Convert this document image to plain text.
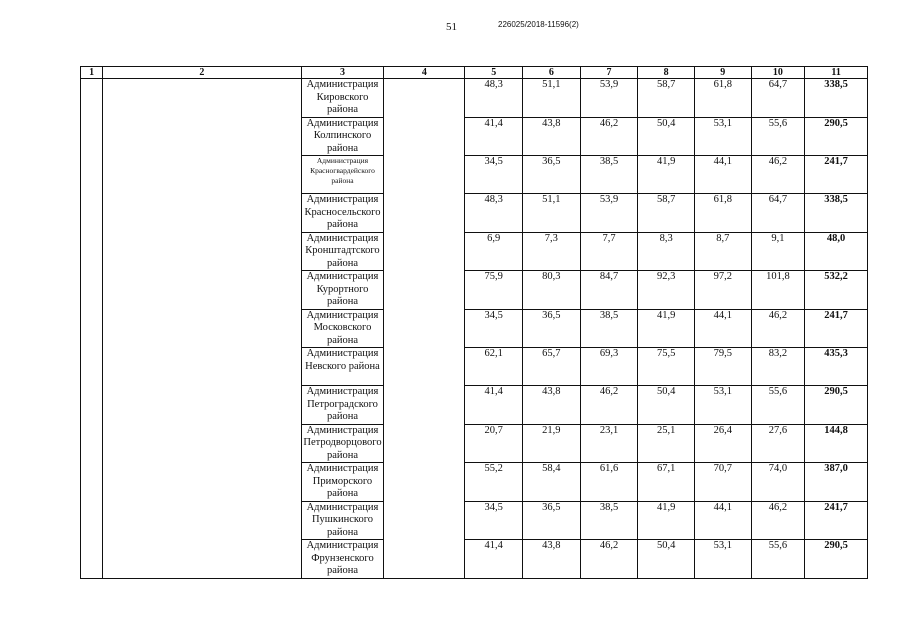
51	226025/2018-11596(2)
1	2	3	4	5	6	7	8	9	10	11
		Администрация Кировского района		48,3	51,1	53,9	58,7	61,8	64,7	338,5
		Администрация Колпинского района		41,4	43,8	46,2	50,4	53,1	55,6	290,5
		Администрация Красногвардейского района		34,5	36,5	38,5	41,9	44,1	46,2	241,7
		Администрация Красносельского района		48,3	51,1	53,9	58,7	61,8	64,7	338,5
		Администрация Кронштадтского района		6,9	7,3	7,7	8,3	8,7	9,1	48,0
		Администрация Курортного района		75,9	80,3	84,7	92,3	97,2	101,8	532,2
		Администрация Московского района		34,5	36,5	38,5	41,9	44,1	46,2	241,7
		Администрация Невского района		62,1	65,7	69,3	75,5	79,5	83,2	435,3
		Администрация Петроградского района		41,4	43,8	46,2	50,4	53,1	55,6	290,5
		Администрация Петродворцового района		20,7	21,9	23,1	25,1	26,4	27,6	144,8
		Администрация Приморского района		55,2	58,4	61,6	67,1	70,7	74,0	387,0
		Администрация Пушкинского района		34,5	36,5	38,5	41,9	44,1	46,2	241,7
		Администрация Фрунзенского района		41,4	43,8	46,2	50,4	53,1	55,6	290,5
